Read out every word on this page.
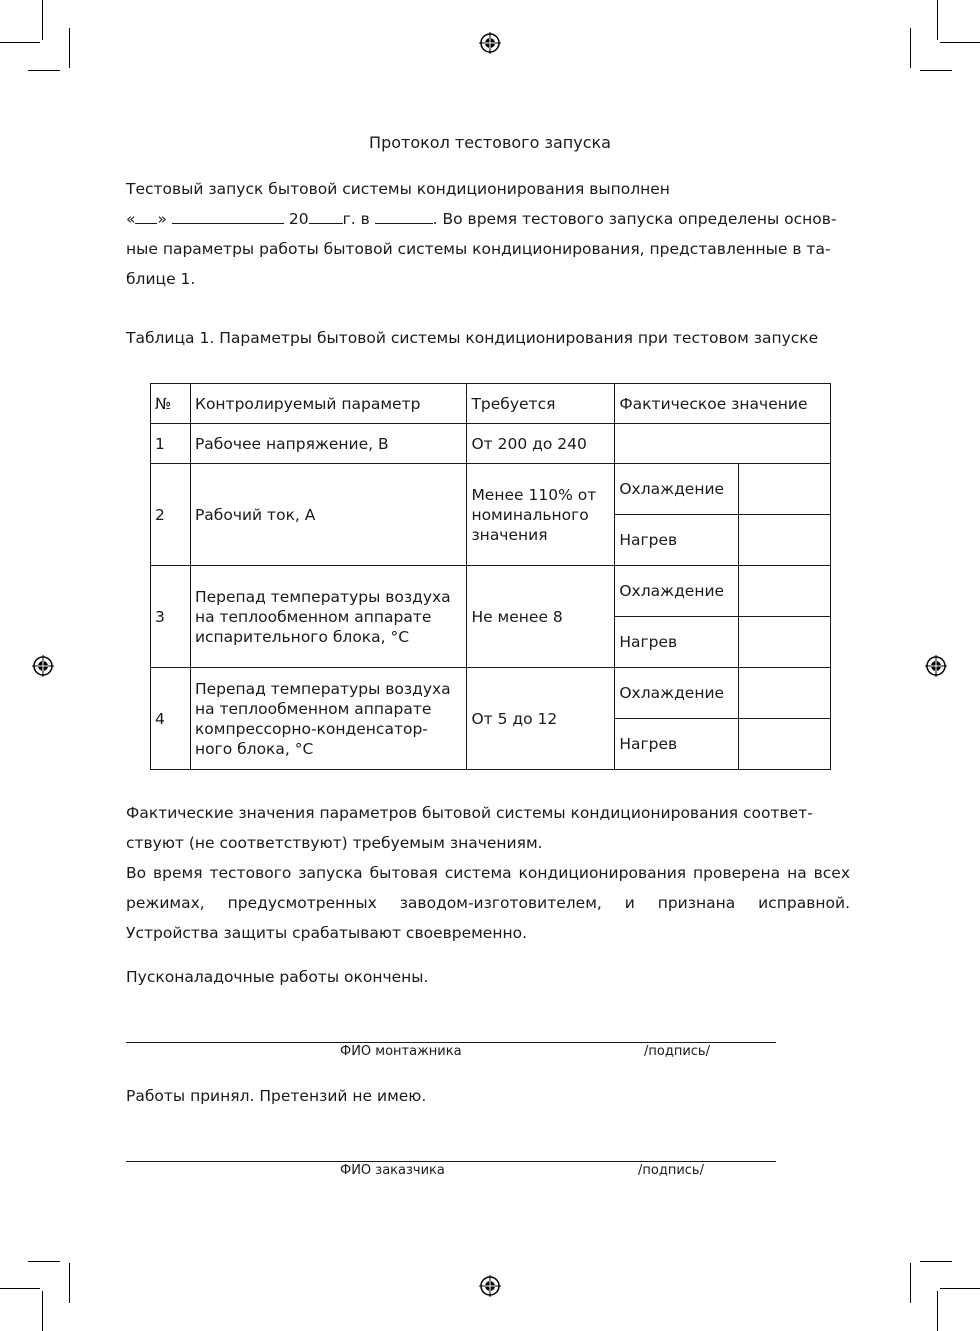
Протокол тестового запуска
Тестовый запуск бытовой системы кондиционирования выполнен
« »	20 г. в	. Во время тестового запуска определены основ-
ные параметры работы бытовой системы кондиционирования, представленные в та-
блице 1.
Таблица 1. Параметры бытовой системы кондиционирования при тестовом запуске
№	Контролируемый параметр	Требуется	Фактическое значение	
1	Рабочее напряжение, В	От 200 до 240		
2	Рабочий ток, А	Менее 110% от номинального значения	Охлаждение	
			Нагрев	
3	Перепад температуры воздуха на теплообменном аппарате испарительного блока, °С	Не менее 8	Охлаждение	
			Нагрев	
4	Перепад температуры воздуха на теплообменном аппарате компрессорно-конденсатор-ного блока, °С	От 5 до 12	Охлаждение	
			Нагрев	
Фактические значения параметров бытовой системы кондиционирования соответ-
ствуют (не соответствуют) требуемым значениям.
Во время тестового запуска бытовая система кондиционирования проверена на всех режимах, предусмотренных заводом-изготовителем, и признана исправной. Устройства защиты срабатывают своевременно.
Пусконаладочные работы окончены.
ФИО монтажника	/подпись/
Работы принял. Претензий не имею.
ФИО заказчика	/подпись/
